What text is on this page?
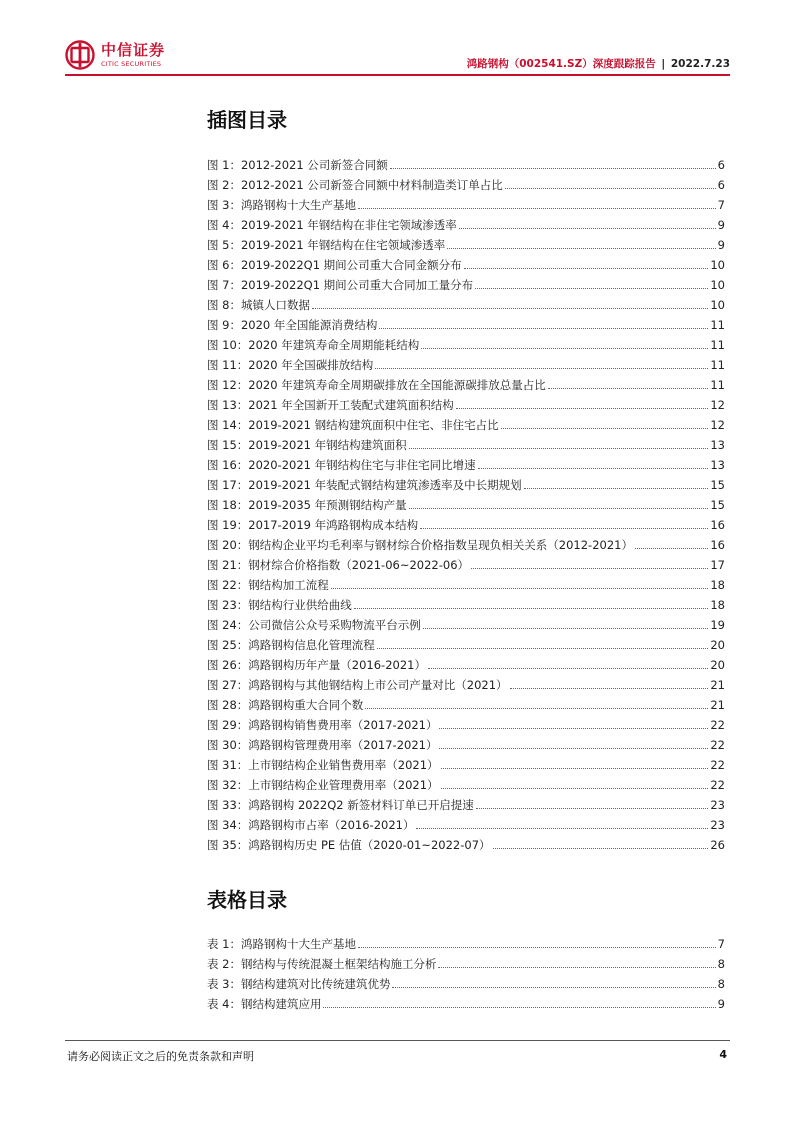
中信证券
CITIC SECURITIES	鸿路钢构（002541.SZ）深度跟踪报告 | 2022.7.23
插图目录
图 1：2012-2021 公司新签合同额	6
图 2：2012-2021 公司新签合同额中材料制造类订单占比	6
图 3：鸿路钢构十大生产基地	7
图 4：2019-2021 年钢结构在非住宅领域渗透率	9
图 5：2019-2021 年钢结构在住宅领域渗透率	9
图 6：2019-2022Q1 期间公司重大合同金额分布	10
图 7：2019-2022Q1 期间公司重大合同加工量分布	10
图 8：城镇人口数据	10
图 9：2020 年全国能源消费结构	11
图 10：2020 年建筑寿命全周期能耗结构	11
图 11：2020 年全国碳排放结构	11
图 12：2020 年建筑寿命全周期碳排放在全国能源碳排放总量占比	11
图 13：2021 年全国新开工装配式建筑面积结构	12
图 14：2019-2021 钢结构建筑面积中住宅、非住宅占比	12
图 15：2019-2021 年钢结构建筑面积	13
图 16：2020-2021 年钢结构住宅与非住宅同比增速	13
图 17：2019-2021 年装配式钢结构建筑渗透率及中长期规划	15
图 18：2019-2035 年预测钢结构产量	15
图 19：2017-2019 年鸿路钢构成本结构	16
图 20：钢结构企业平均毛利率与钢材综合价格指数呈现负相关关系（2012-2021）	16
图 21：钢材综合价格指数（2021-06~2022-06）	17
图 22：钢结构加工流程	18
图 23：钢结构行业供给曲线	18
图 24：公司微信公众号采购物流平台示例	19
图 25：鸿路钢构信息化管理流程	20
图 26：鸿路钢构历年产量（2016-2021）	20
图 27：鸿路钢构与其他钢结构上市公司产量对比（2021）	21
图 28：鸿路钢构重大合同个数	21
图 29：鸿路钢构销售费用率（2017-2021）	22
图 30：鸿路钢构管理费用率（2017-2021）	22
图 31：上市钢结构企业销售费用率（2021）	22
图 32：上市钢结构企业管理费用率（2021）	22
图 33：鸿路钢构 2022Q2 新签材料订单已开启提速	23
图 34：鸿路钢构市占率（2016-2021）	23
图 35：鸿路钢构历史 PE 估值（2020-01~2022-07）	26
表格目录
表 1：鸿路钢构十大生产基地	7
表 2：钢结构与传统混凝土框架结构施工分析	8
表 3：钢结构建筑对比传统建筑优势	8
表 4：钢结构建筑应用	9
请务必阅读正文之后的免责条款和声明	4
